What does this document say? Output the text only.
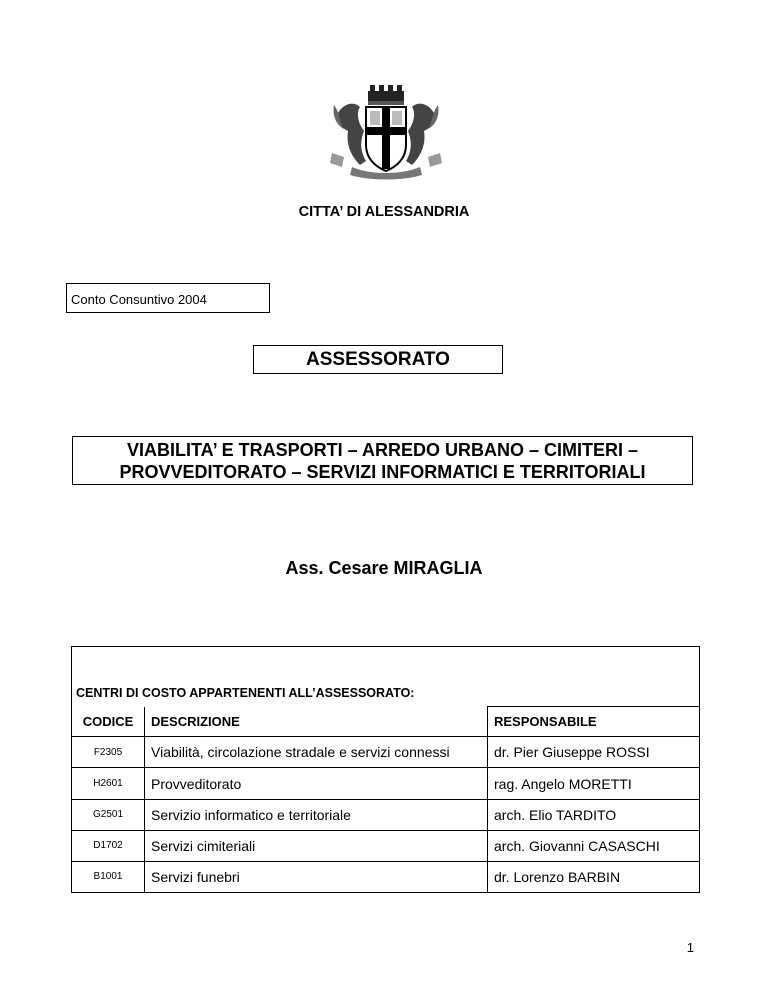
CITTA’ DI ALESSANDRIA
Conto Consuntivo 2004
ASSESSORATO
VIABILITA’ E TRASPORTI – ARREDO URBANO – CIMITERI –
PROVVEDITORATO – SERVIZI INFORMATICI E TERRITORIALI
Ass. Cesare MIRAGLIA
CENTRI DI COSTO APPARTENENTI ALL’ASSESSORATO:		
CODICE	DESCRIZIONE	RESPONSABILE
F2305	Viabilità, circolazione stradale e servizi connessi	dr. Pier Giuseppe ROSSI
H2601	Provveditorato	rag. Angelo MORETTI
G2501	Servizio informatico e territoriale	arch. Elio TARDITO
D1702	Servizi cimiteriali	arch. Giovanni CASASCHI
B1001	Servizi funebri	dr. Lorenzo BARBIN
1
